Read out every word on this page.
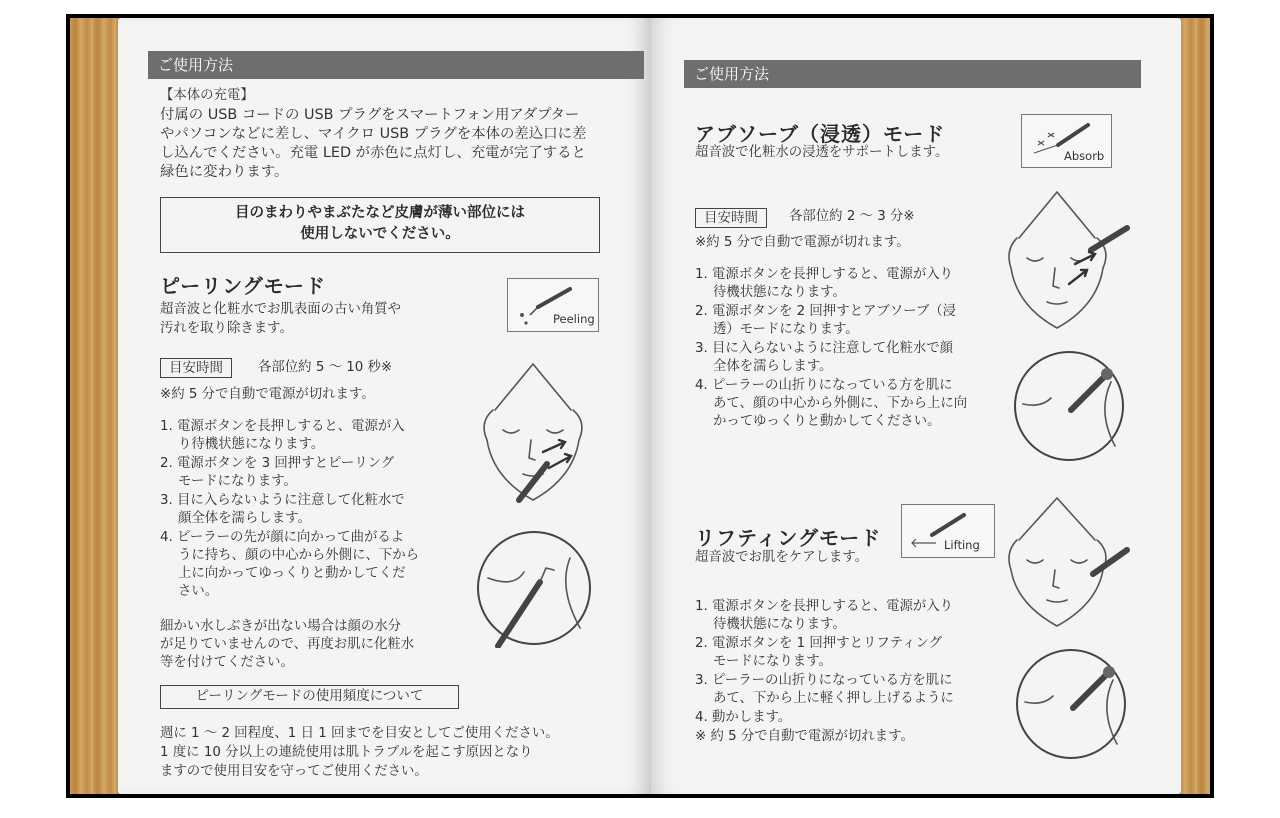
ご使用方法
【本体の充電】
付属の USB コードの USB プラグをスマートフォン用アダプター
やパソコンなどに差し、マイクロ USB プラグを本体の差込口に差
し込んでください。充電 LED が赤色に点灯し、充電が完了すると
緑色に変わります。
目のまわりやまぶたなど皮膚が薄い部位には
使用しないでください。
ピーリングモード
超音波と化粧水でお肌表面の古い角質や
汚れを取り除きます。
Peeling
目安時間	各部位約 5 〜 10 秒※
※約 5 分で自動で電源が切れます。
1. 電源ボタンを長押しすると、電源が入
り待機状態になります。
2. 電源ボタンを 3 回押すとピーリング
モードになります。
3. 目に入らないように注意して化粧水で
顔全体を濡らします。
4. ピーラーの先が顔に向かって曲がるよ
うに持ち、顔の中心から外側に、下から
上に向かってゆっくりと動かしてくだ
さい。
細かい水しぶきが出ない場合は顔の水分
が足りていませんので、再度お肌に化粧水
等を付けてください。
ピーリングモードの使用頻度について
週に 1 〜 2 回程度、1 日 1 回までを目安としてご使用ください。
1 度に 10 分以上の連続使用は肌トラブルを起こす原因となり
ますので使用目安を守ってご使用ください。
ご使用方法
アブソーブ（浸透）モード
超音波で化粧水の浸透をサポートします。	Absorb
目安時間	各部位約 2 〜 3 分※
※約 5 分で自動で電源が切れます。
1. 電源ボタンを長押しすると、電源が入り
待機状態になります。
2. 電源ボタンを 2 回押すとアブソーブ（浸
透）モードになります。
3. 目に入らないように注意して化粧水で顔
全体を濡らします。
4. ピーラーの山折りになっている方を肌に
あて、顔の中心から外側に、下から上に向
かってゆっくりと動かしてください。
リフティングモード
超音波でお肌をケアします。
Lifting
1. 電源ボタンを長押しすると、電源が入り
待機状態になります。
2. 電源ボタンを 1 回押すとリフティング
モードになります。
3. ピーラーの山折りになっている方を肌に
あて、下から上に軽く押し上げるように
4. 動かします。
※ 約 5 分で自動で電源が切れます。
